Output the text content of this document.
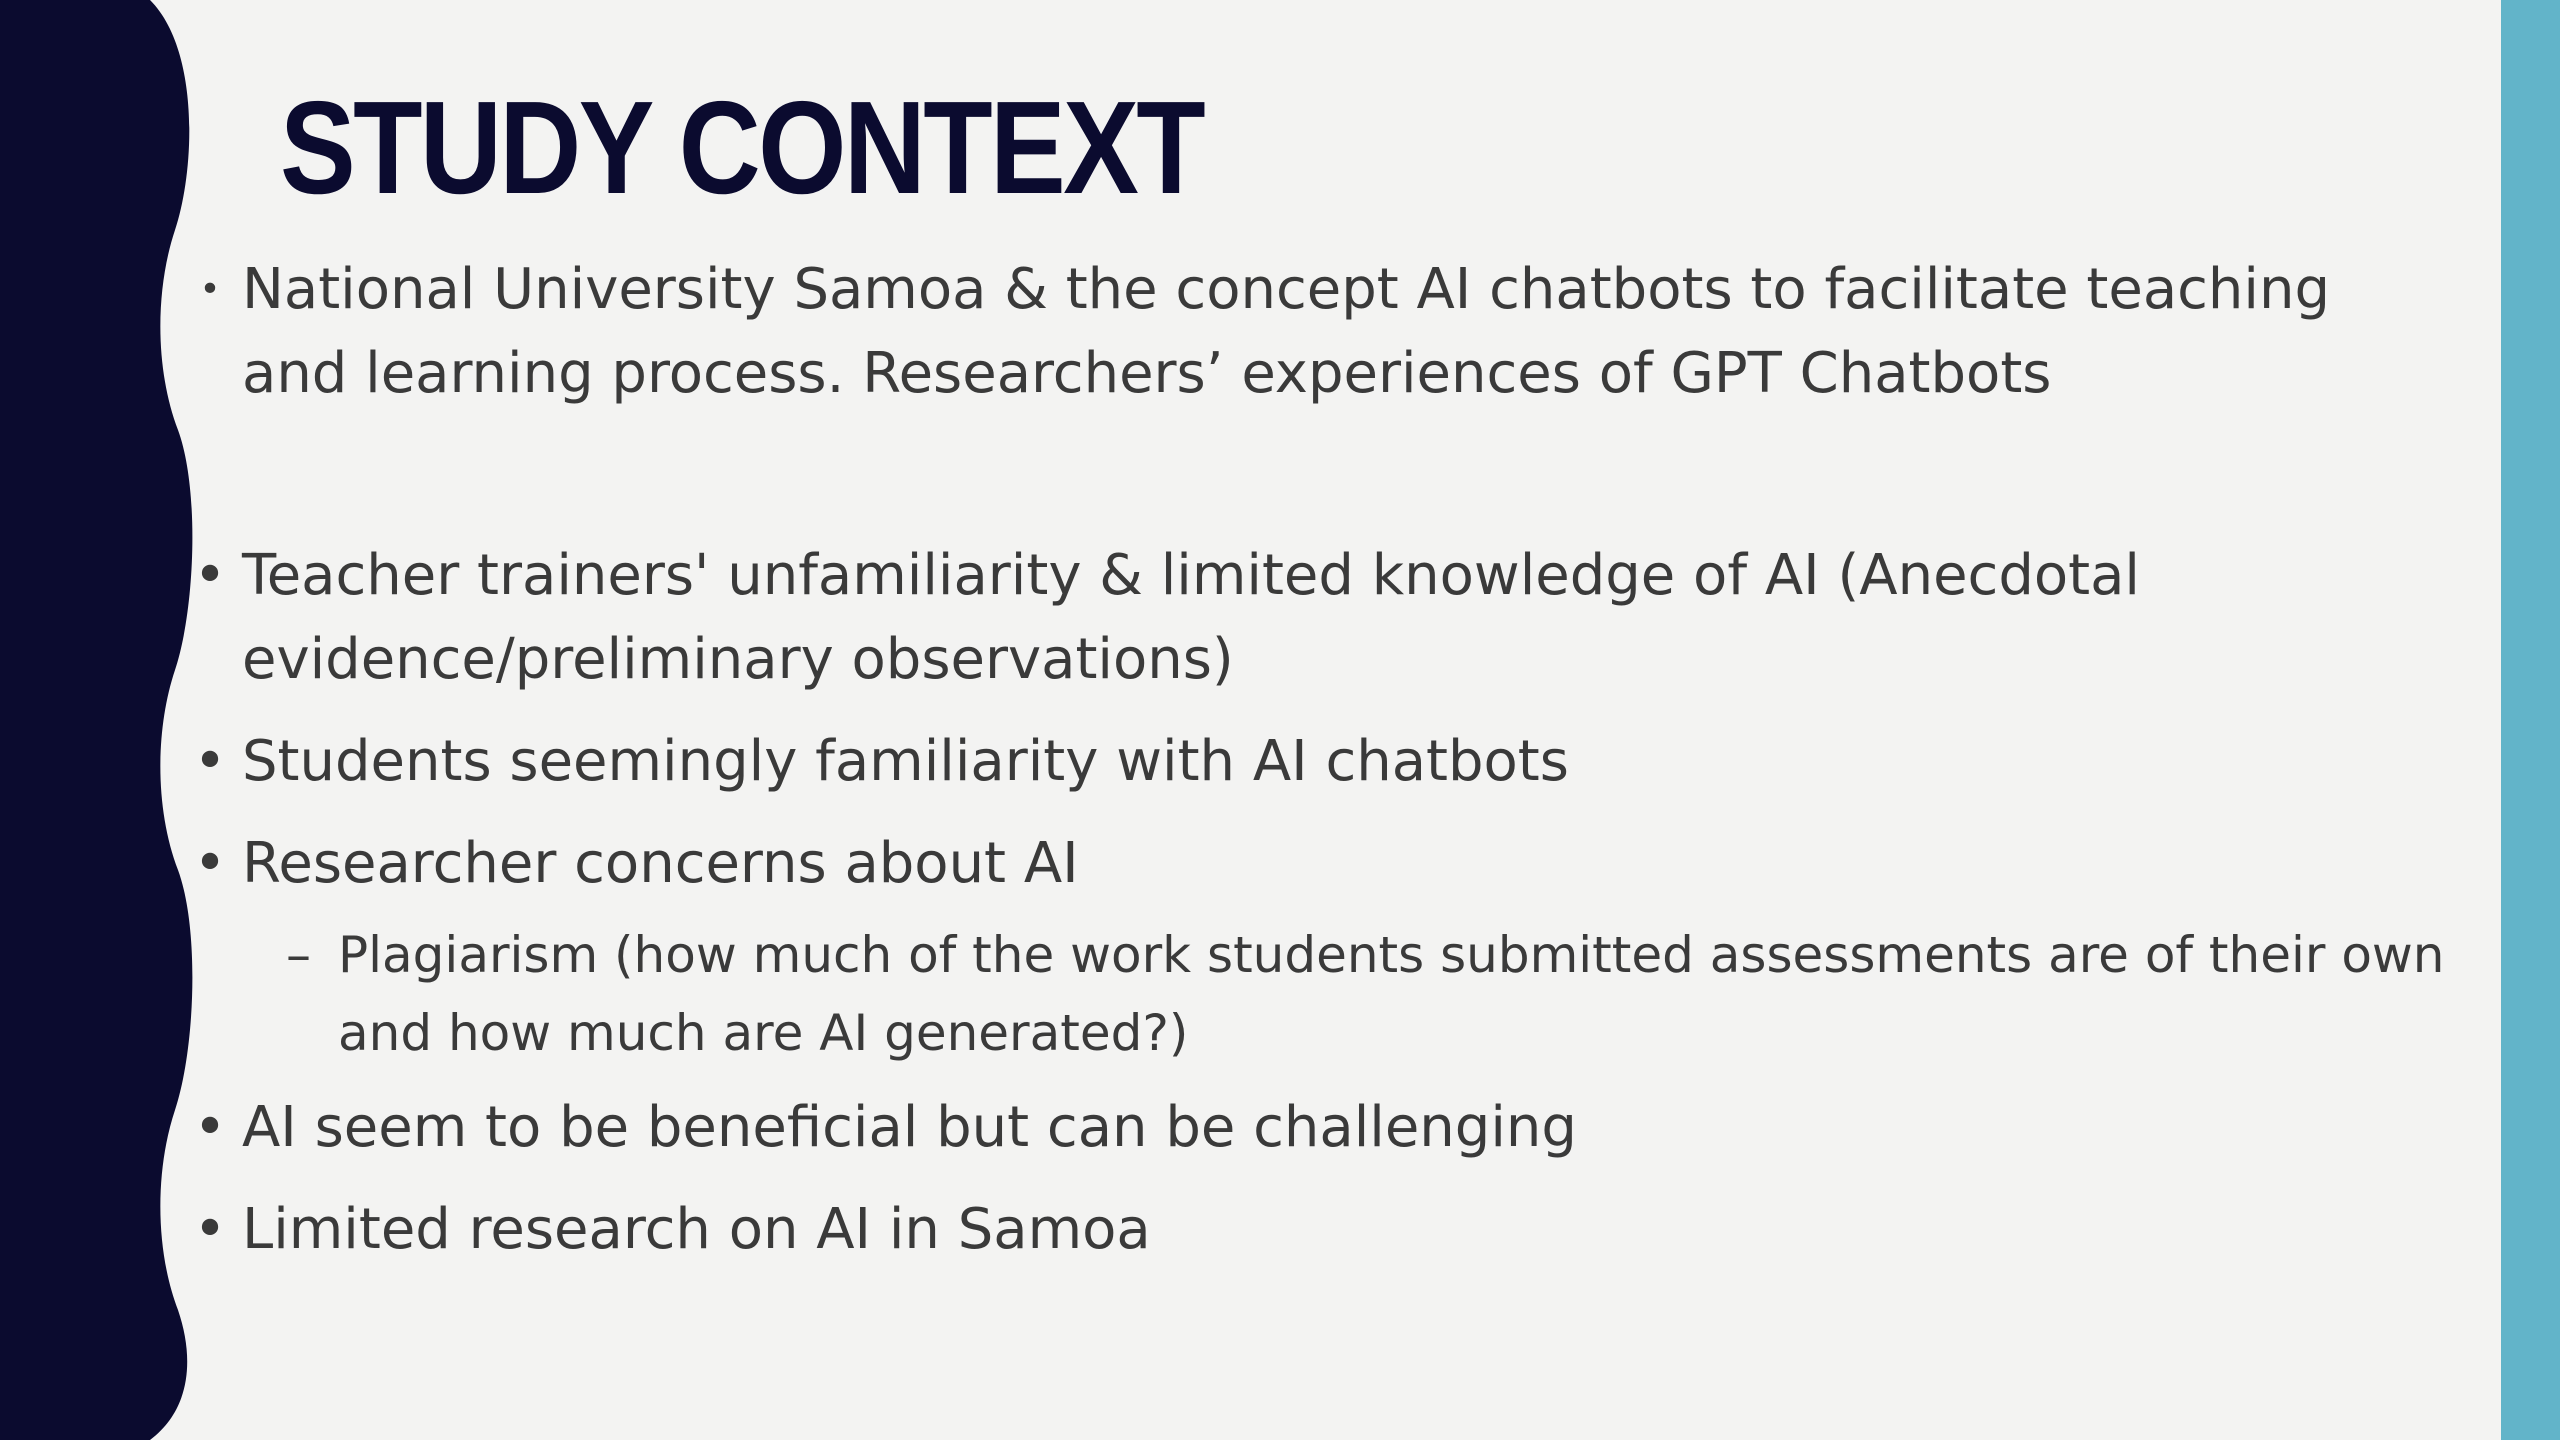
STUDY CONTEXT

• National University Samoa & the concept AI chatbots to facilitate teaching and learning process. Researchers’ experiences of GPT Chatbots

• Teacher trainers' unfamiliarity & limited knowledge of AI (Anecdotal evidence/preliminary observations)

• Students seemingly familiarity with AI chatbots

• Researcher concerns about AI

– Plagiarism (how much of the work students submitted assessments are of their own and how much are AI generated?)

• AI seem to be beneficial but can be challenging

• Limited research on AI in Samoa
